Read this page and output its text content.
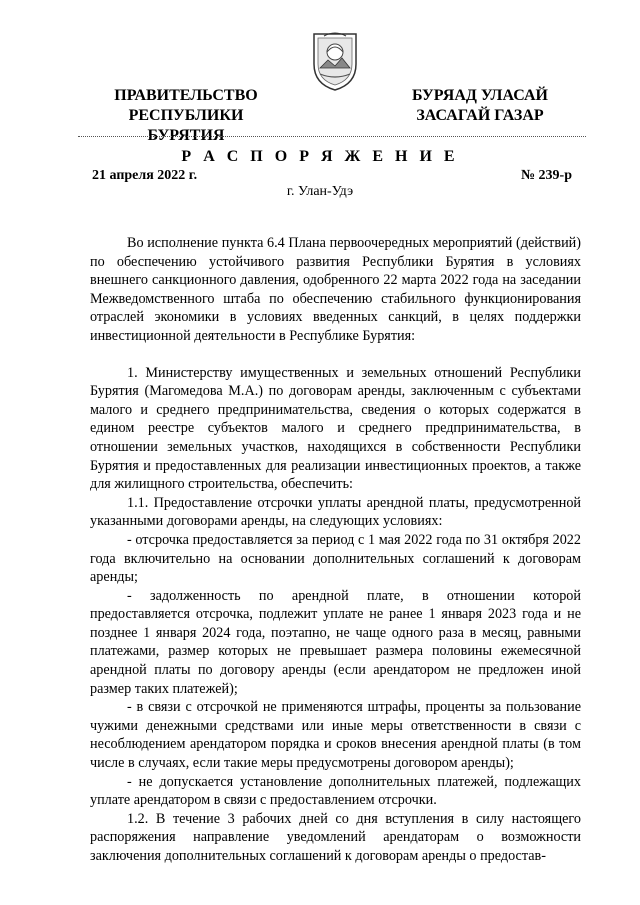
ПРАВИТЕЛЬСТВО
РЕСПУБЛИКИ БУРЯТИЯ
БУРЯАД УЛАСАЙ
ЗАСАГАЙ ГАЗАР
Р А С П О Р Я Ж Е Н И Е
21 апреля 2022 г.	№ 239-р
г. Улан-Удэ

Во исполнение пункта 6.4 Плана первоочередных мероприятий (действий) по обеспечению устойчивого развития Республики Бурятия в условиях внешнего санкционного давления, одобренного 22 марта 2022 года на заседании Межведомственного штаба по обеспечению стабильного функционирования отраслей экономики в условиях введенных санкций, в целях поддержки инвестиционной деятельности в Республике Бурятия:

1. Министерству имущественных и земельных отношений Республики Бурятия (Магомедова М.А.) по договорам аренды, заключенным с субъектами малого и среднего предпринимательства, сведения о которых содержатся в едином реестре субъектов малого и среднего предпринимательства, в отношении земельных участков, находящихся в собственности Республики Бурятия и предоставленных для реализации инвестиционных проектов, а также для жилищного строительства, обеспечить:

1.1. Предоставление отсрочки уплаты арендной платы, предусмотренной указанными договорами аренды, на следующих условиях:

- отсрочка предоставляется за период с 1 мая 2022 года по 31 октября 2022 года включительно на основании дополнительных соглашений к договорам аренды;

- задолженность по арендной плате, в отношении которой предоставляется отсрочка, подлежит уплате не ранее 1 января 2023 года и не позднее 1 января 2024 года, поэтапно, не чаще одного раза в месяц, равными платежами, размер которых не превышает размера половины ежемесячной арендной платы по договору аренды (если арендатором не предложен иной размер таких платежей);

- в связи с отсрочкой не применяются штрафы, проценты за пользование чужими денежными средствами или иные меры ответственности в связи с несоблюдением арендатором порядка и сроков внесения арендной платы (в том числе в случаях, если такие меры предусмотрены договором аренды);

- не допускается установление дополнительных платежей, подлежащих уплате арендатором в связи с предоставлением отсрочки.

1.2. В течение 3 рабочих дней со дня вступления в силу настоящего распоряжения направление уведомлений арендаторам о возможности заключения дополнительных соглашений к договорам аренды о предостав-
